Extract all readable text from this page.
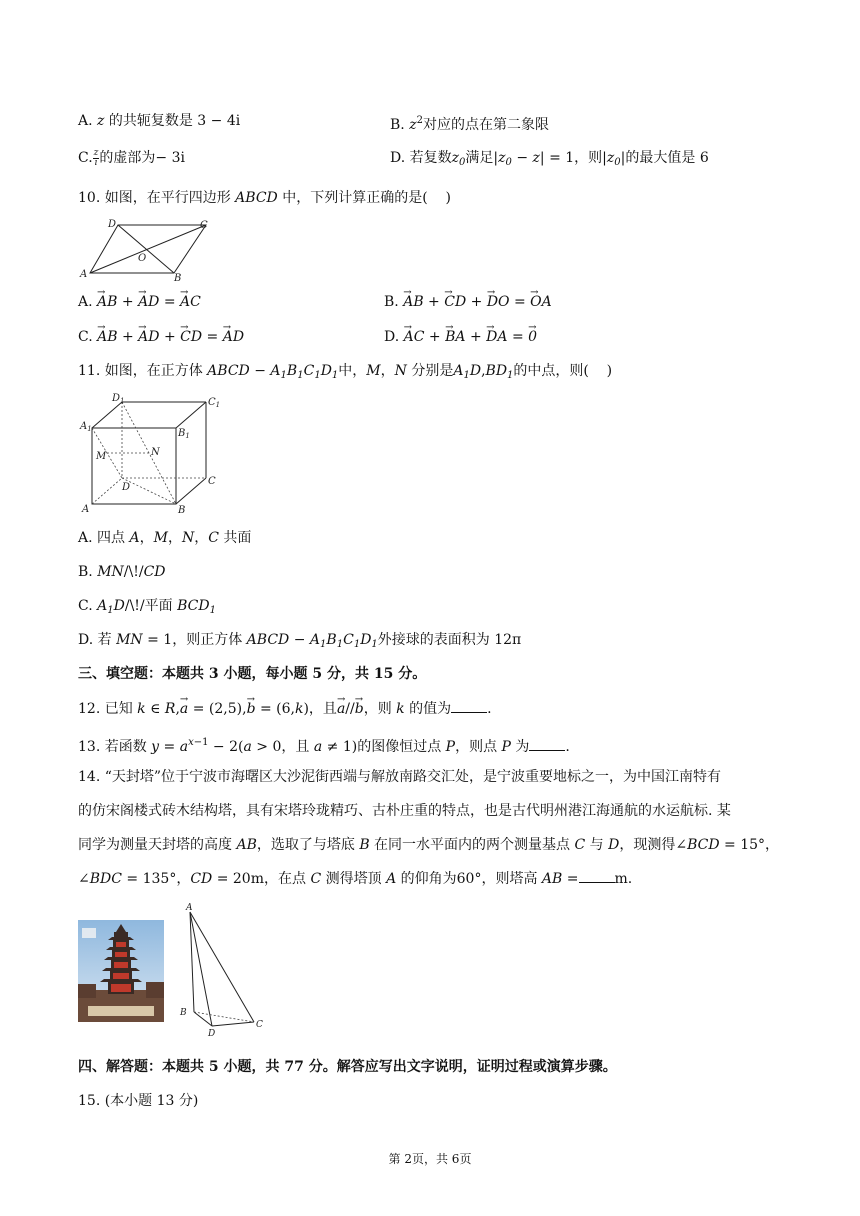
A. z 的共轭复数是 3 − 4i	B. $z^2$对应的点在第二象限
C. $\frac{z}{i}$ 的虚部为− 3i	D. 若复数$z_0$满足$|z_0 - z| = 1$，则$|z_0|$的最大值是 6
10. 如图，在平行四边形 ABCD 中，下列计算正确的是(    )
D	C
A	B
O
A. → AB + → AD = → AC	B. → AB + → CD + → DO = → OA
C. → AB + → AD + → CD = → AD	D. → AC + → BA + → DA = → 0
11. 如图，在正方体 ABCD − $A_1B_1C_1D_1$中，M，N 分别是$A_1D,BD_1$的中点，则(    )
$D_1$	$C_1$
$A_1$	$B_1$
M	N
D
C
A	B
A. 四点 A，M，N，C 共面
B. MN/\!/CD
C. $A_1D/\backslash!/$平面 $BCD_1$
D. 若 MN = 1，则正方体 ABCD − $A_1B_1C_1D_1$外接球的表面积为 12π
三、填空题：本题共 3 小题，每小题 5 分，共 15 分。
12. 已知 k ∈ R,→ a = (2,5),→ b = (6,k)，且→ a//→ b，则 k 的值为	.
13. 若函数 $y = a^{x-1} - 2(a > 0$，且 a ≠ 1)的图像恒过点 P，则点 P 为	.
14. “天封塔”位于宁波市海曙区大沙泥街西端与解放南路交汇处，是宁波重要地标之一，为中国江南特有
的仿宋阁楼式砖木结构塔，具有宋塔玲珑精巧、古朴庄重的特点，也是古代明州港江海通航的水运航标. 某
同学为测量天封塔的高度 AB，选取了与塔底 B 在同一水平面内的两个测量基点 C 与 D，现测得∠BCD = 15°，
∠BDC = 135°，CD = 20m，在点 C 测得塔顶 A 的仰角为60°，则塔高 AB =	m.
A
B
C
D
四、解答题：本题共 5 小题，共 77 分。解答应写出文字说明，证明过程或演算步骤。
15. (本小题 13 分)
第 2页，共 6页
